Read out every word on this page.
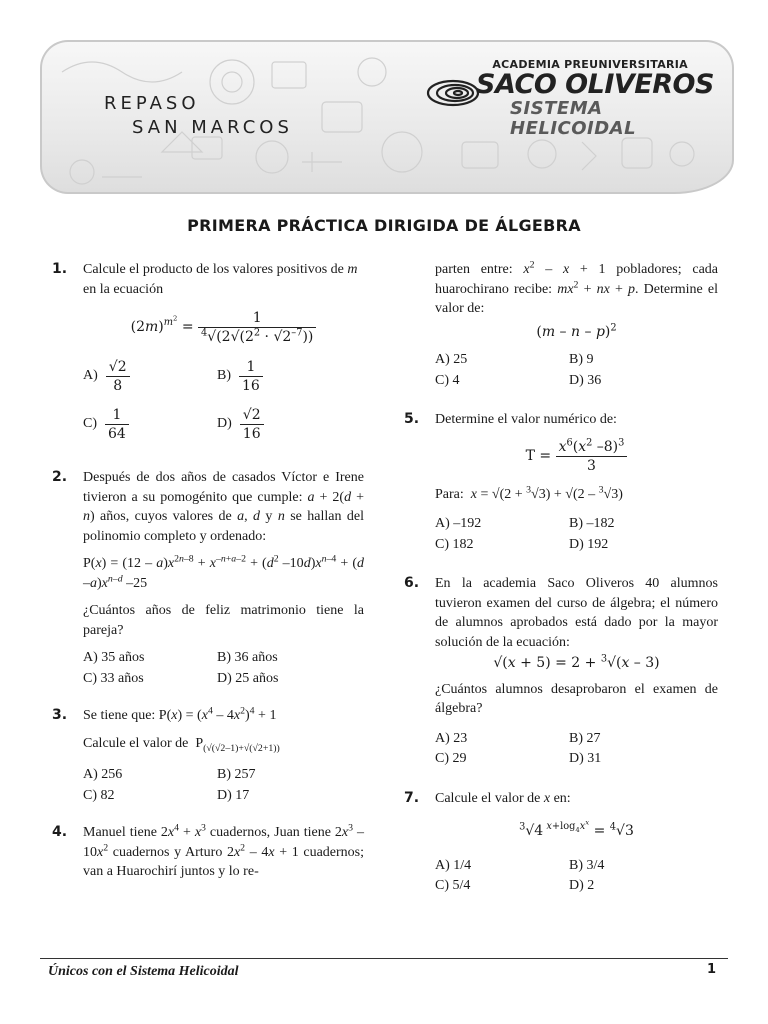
REPASO
SAN MARCOS
ACADEMIA PREUNIVERSITARIA
SACO OLIVEROS
SISTEMA HELICOIDAL
PRIMERA PRÁCTICA DIRIGIDA DE ÁLGEBRA
1. Calcule el producto de los valores positivos de m en la ecuación
$(2m)^{m^2} = \frac{1}{^4√(2√(2^2 \cdot √2^{-7}))}$
$A) \frac{√2}{8}$	$B) \frac{1}{16}$
$C) \frac{1}{64}$	$D) \frac{√2}{16}$
2. Después de dos años de casados Víctor e Irene tivieron a su pomogénito que cumple: a + 2(d + n) años, cuyos valores de a, d y n se hallan del polinomio completo y ordenado:
$P(x) = (12 - a)x^{2n-8} + x^{-n+a-2} + (d^2$ $-10d)x^{n-4} + (d$ $-a)x^{n-d}$ –25
¿Cuántos años de feliz matrimonio tiene la pareja?
A) 35 años	B) 36 años
C) 33 años	D) 25 años
3. Se tiene que: $P(x) = (x^4 - 4x^2)^4 + 1$
Calcule el valor de  $P_{(√(√2-1)+√(√2+1))}$
A) 256	B) 257
C) 82	D) 17
4. Manuel tiene $2x^4 + x^3$ cuadernos, Juan tiene $2x^3 - 10x^2$ cuadernos y Arturo $2x^2 - 4x + 1$ cuadernos; van a Huarochirí juntos y lo re-
parten entre: $x^2 - x + 1$ pobladores; cada huarochirano recibe: $mx^2$ + nx + p. Determine el valor de:
(m – n – p)$^2$
A) 25	B) 9
C) 4	D) 36
5. Determine el valor numérico de:
$T = \frac{x^6(x^2 -8)^3}{3}$
Para: x = √(2 + $^3$√3) + √(2 – $^3$√3)
A) –192	B) –182
C) 182	D) 192
6. En la academia Saco Oliveros 40 alumnos tuvieron examen del curso de álgebra; el número de alumnos aprobados está dado por la mayor solución de la ecuación:
√(x + 5) = 2 + $^3$√(x – 3)
¿Cuántos alumnos desaprobaron el examen de álgebra?
A) 23	B) 27
C) 29	D) 31
7. Calcule el valor de x en:
$^3$√4 $^{x+log_4x^x}$ = $^4$√3
A) 1/4	B) 3/4
C) 5/4	D) 2
Únicos con el Sistema Helicoidal	1
